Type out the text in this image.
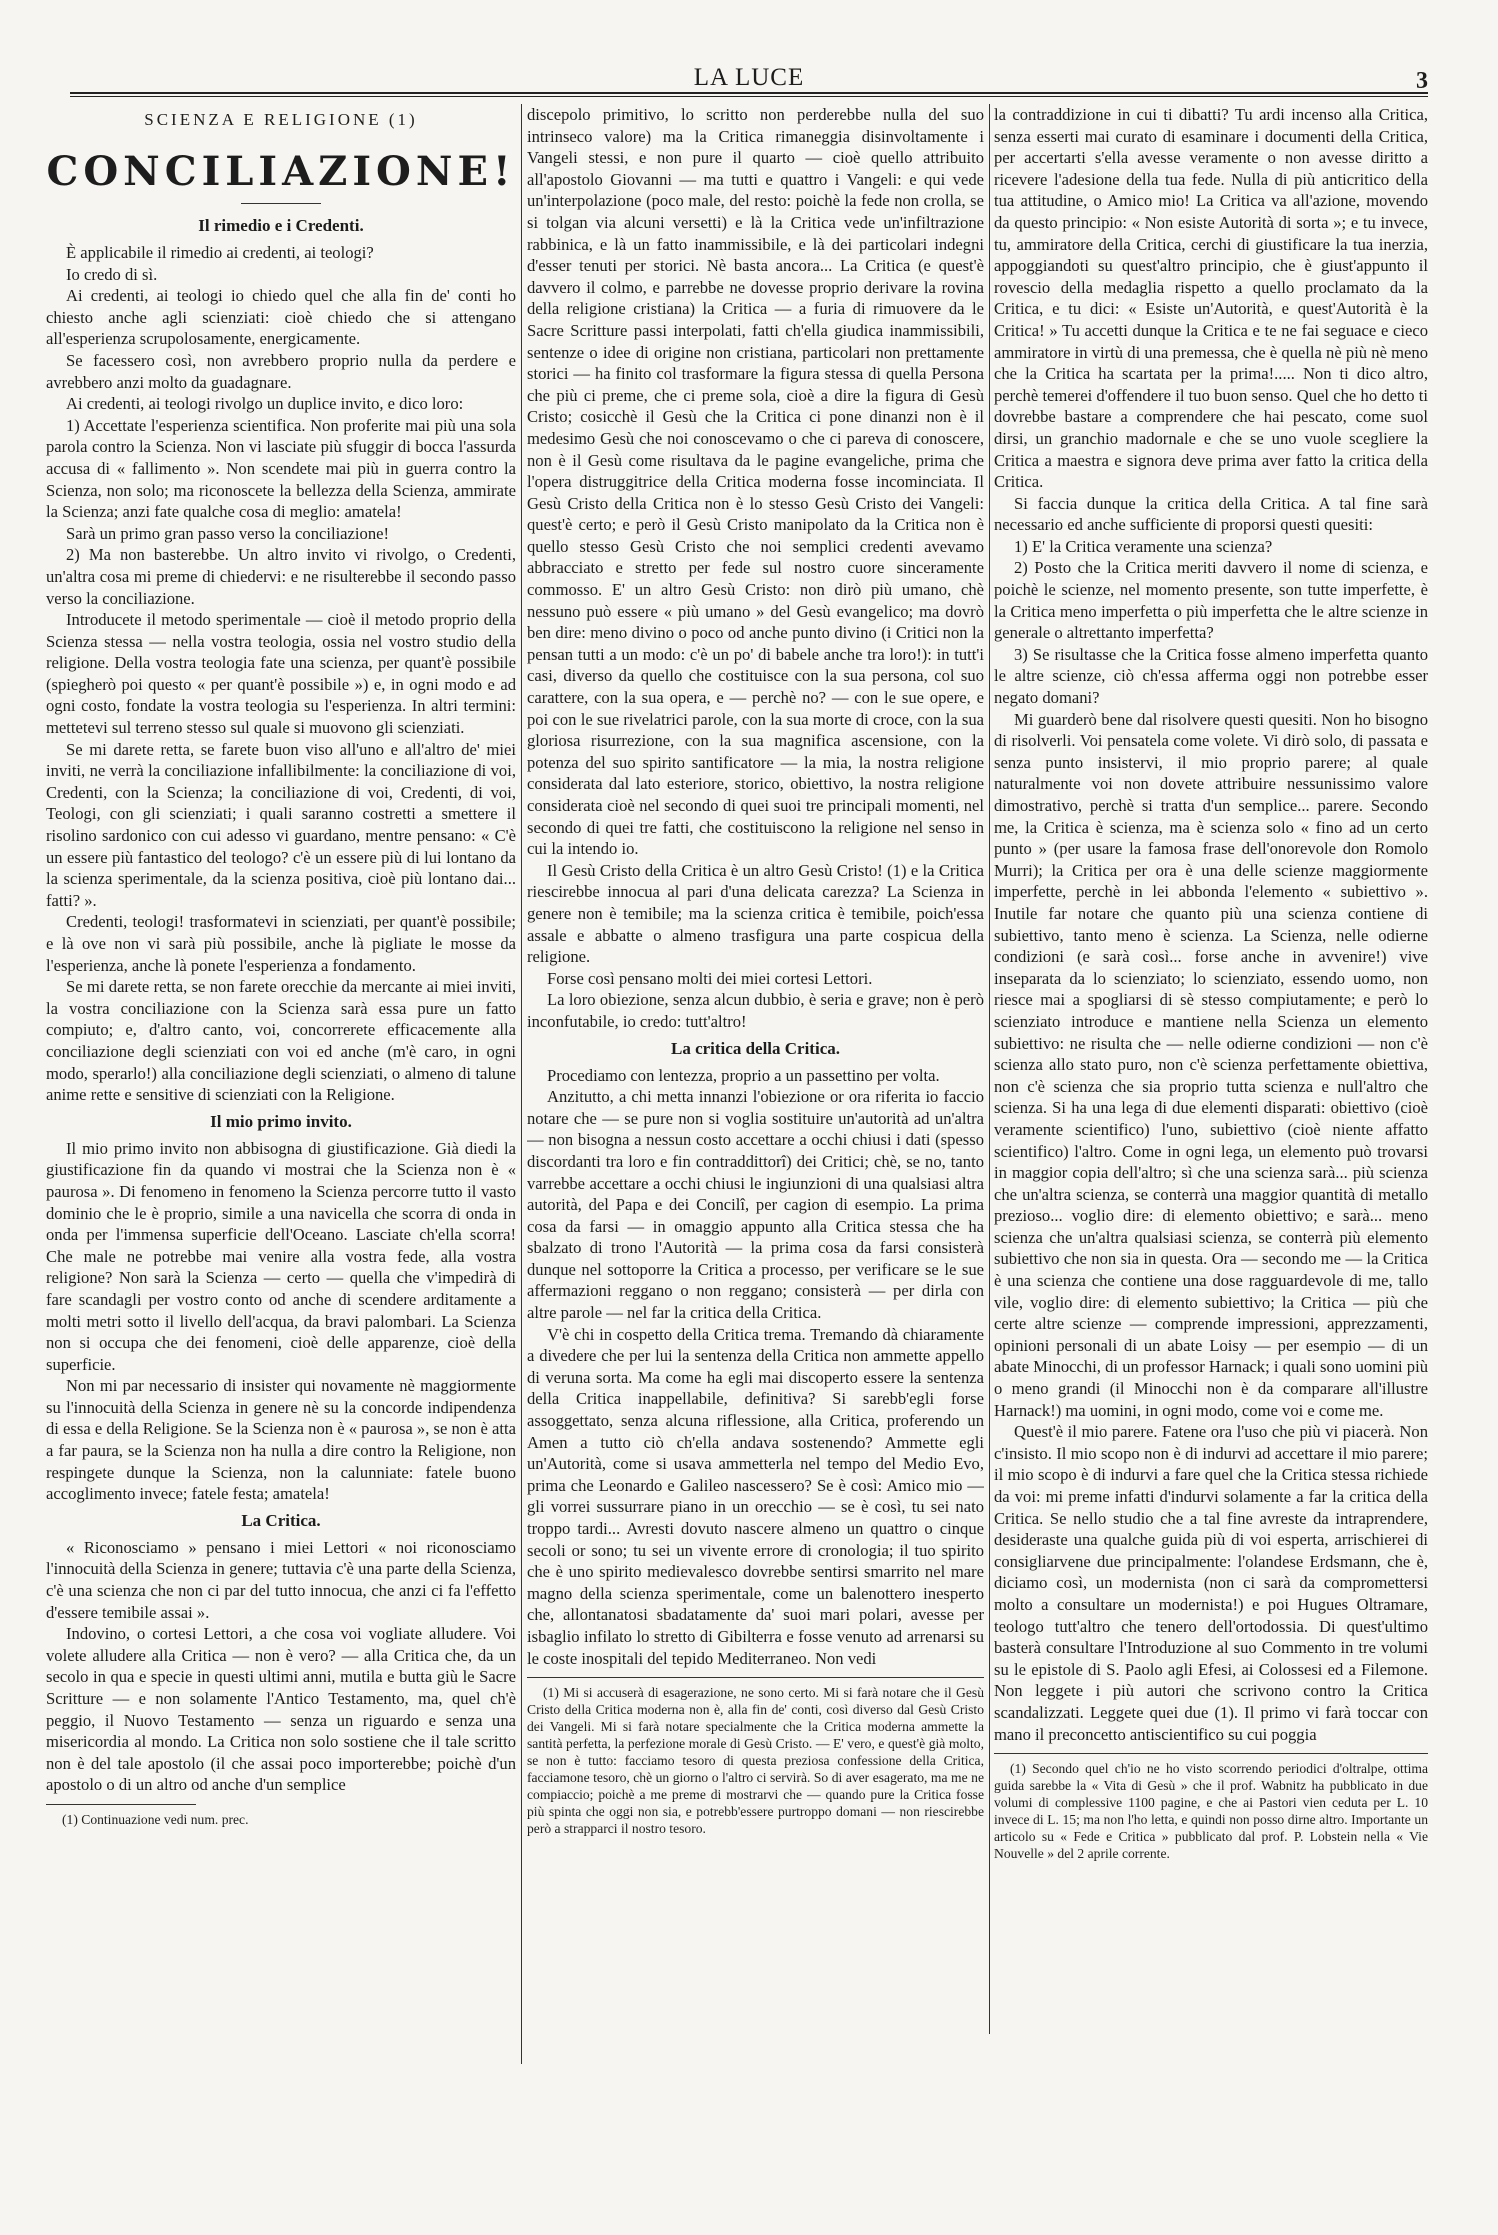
LA LUCE	3
SCIENZA E RELIGIONE (1)
CONCILIAZIONE!
Il rimedio e i Credenti.

È applicabile il rimedio ai credenti, ai teologi?

Io credo di sì.

Ai credenti, ai teologi io chiedo quel che alla fin de' conti ho chiesto anche agli scienziati: cioè chiedo che si attengano all'esperienza scrupolosamente, energicamente.

Se facessero così, non avrebbero proprio nulla da perdere e avrebbero anzi molto da guadagnare.

Ai credenti, ai teologi rivolgo un duplice invito, e dico loro:

1) Accettate l'esperienza scientifica. Non proferite mai più una sola parola contro la Scienza. Non vi lasciate più sfuggir di bocca l'assurda accusa di « fallimento ». Non scendete mai più in guerra contro la Scienza, non solo; ma riconoscete la bellezza della Scienza, ammirate la Scienza; anzi fate qualche cosa di meglio: amatela!

Sarà un primo gran passo verso la conciliazione!

2) Ma non basterebbe. Un altro invito vi rivolgo, o Credenti, un'altra cosa mi preme di chiedervi: e ne risulterebbe il secondo passo verso la conciliazione.

Introducete il metodo sperimentale — cioè il metodo proprio della Scienza stessa — nella vostra teologia, ossia nel vostro studio della religione. Della vostra teologia fate una scienza, per quant'è possibile (spiegherò poi questo « per quant'è possibile ») e, in ogni modo e ad ogni costo, fondate la vostra teologia su l'esperienza. In altri termini: mettetevi sul terreno stesso sul quale si muovono gli scienziati.

Se mi darete retta, se farete buon viso all'uno e all'altro de' miei inviti, ne verrà la conciliazione infallibilmente: la conciliazione di voi, Credenti, con la Scienza; la conciliazione di voi, Credenti, di voi, Teologi, con gli scienziati; i quali saranno costretti a smettere il risolino sardonico con cui adesso vi guardano, mentre pensano: « C'è un essere più fantastico del teologo? c'è un essere più di lui lontano da la scienza sperimentale, da la scienza positiva, cioè più lontano dai... fatti? ».

Credenti, teologi! trasformatevi in scienziati, per quant'è possibile; e là ove non vi sarà più possibile, anche là pigliate le mosse da l'esperienza, anche là ponete l'esperienza a fondamento.

Se mi darete retta, se non farete orecchie da mercante ai miei inviti, la vostra conciliazione con la Scienza sarà essa pure un fatto compiuto; e, d'altro canto, voi, concorrerete efficacemente alla conciliazione degli scienziati con voi ed anche (m'è caro, in ogni modo, sperarlo!) alla conciliazione degli scienziati, o almeno di talune anime rette e sensitive di scienziati con la Religione.

Il mio primo invito.

Il mio primo invito non abbisogna di giustificazione. Già diedi la giustificazione fin da quando vi mostrai che la Scienza non è « paurosa ». Di fenomeno in fenomeno la Scienza percorre tutto il vasto dominio che le è proprio, simile a una navicella che scorra di onda in onda per l'immensa superficie dell'Oceano. Lasciate ch'ella scorra! Che male ne potrebbe mai venire alla vostra fede, alla vostra religione? Non sarà la Scienza — certo — quella che v'impedirà di fare scandagli per vostro conto od anche di scendere arditamente a molti metri sotto il livello dell'acqua, da bravi palombari. La Scienza non si occupa che dei fenomeni, cioè delle apparenze, cioè della superficie.

Non mi par necessario di insister qui novamente nè maggiormente su l'innocuità della Scienza in genere nè su la concorde indipendenza di essa e della Religione. Se la Scienza non è « paurosa », se non è atta a far paura, se la Scienza non ha nulla a dire contro la Religione, non respingete dunque la Scienza, non la calunniate: fatele buono accoglimento invece; fatele festa; amatela!

La Critica.

« Riconosciamo » pensano i miei Lettori « noi riconosciamo l'innocuità della Scienza in genere; tuttavia c'è una parte della Scienza, c'è una scienza che non ci par del tutto innocua, che anzi ci fa l'effetto d'essere temibile assai ».

Indovino, o cortesi Lettori, a che cosa voi vogliate alludere. Voi volete alludere alla Critica — non è vero? — alla Critica che, da un secolo in qua e specie in questi ultimi anni, mutila e butta giù le Sacre Scritture — e non solamente l'Antico Testamento, ma, quel ch'è peggio, il Nuovo Testamento — senza un riguardo e senza una misericordia al mondo. La Critica non solo sostiene che il tale scritto non è del tale apostolo (il che assai poco importerebbe; poichè d'un apostolo o di un altro od anche d'un semplice

(1) Continuazione vedi num. prec.

discepolo primitivo, lo scritto non perderebbe nulla del suo intrinseco valore) ma la Critica rimaneggia disinvoltamente i Vangeli stessi, e non pure il quarto — cioè quello attribuito all'apostolo Giovanni — ma tutti e quattro i Vangeli: e qui vede un'interpolazione (poco male, del resto: poichè la fede non crolla, se si tolgan via alcuni versetti) e là la Critica vede un'infiltrazione rabbinica, e là un fatto inammissibile, e là dei particolari indegni d'esser tenuti per storici. Nè basta ancora... La Critica (e quest'è davvero il colmo, e parrebbe ne dovesse proprio derivare la rovina della religione cristiana) la Critica — a furia di rimuovere da le Sacre Scritture passi interpolati, fatti ch'ella giudica inammissibili, sentenze o idee di origine non cristiana, particolari non prettamente storici — ha finito col trasformare la figura stessa di quella Persona che più ci preme, che ci preme sola, cioè a dire la figura di Gesù Cristo; cosicchè il Gesù che la Critica ci pone dinanzi non è il medesimo Gesù che noi conoscevamo o che ci pareva di conoscere, non è il Gesù come risultava da le pagine evangeliche, prima che l'opera distruggitrice della Critica moderna fosse incominciata. Il Gesù Cristo della Critica non è lo stesso Gesù Cristo dei Vangeli: quest'è certo; e però il Gesù Cristo manipolato da la Critica non è quello stesso Gesù Cristo che noi semplici credenti avevamo abbracciato e stretto per fede sul nostro cuore sinceramente commosso. E' un altro Gesù Cristo: non dirò più umano, chè nessuno può essere « più umano » del Gesù evangelico; ma dovrò ben dire: meno divino o poco od anche punto divino (i Critici non la pensan tutti a un modo: c'è un po' di babele anche tra loro!): in tutt'i casi, diverso da quello che costituisce con la sua persona, col suo carattere, con la sua opera, e — perchè no? — con le sue opere, e poi con le sue rivelatrici parole, con la sua morte di croce, con la sua gloriosa risurrezione, con la sua magnifica ascensione, con la potenza del suo spirito santificatore — la mia, la nostra religione considerata dal lato esteriore, storico, obiettivo, la nostra religione considerata cioè nel secondo di quei suoi tre principali momenti, nel secondo di quei tre fatti, che costituiscono la religione nel senso in cui la intendo io.

Il Gesù Cristo della Critica è un altro Gesù Cristo! (1) e la Critica riescirebbe innocua al pari d'una delicata carezza? La Scienza in genere non è temibile; ma la scienza critica è temibile, poich'essa assale e abbatte o almeno trasfigura una parte cospicua della religione.

Forse così pensano molti dei miei cortesi Lettori.

La loro obiezione, senza alcun dubbio, è seria e grave; non è però inconfutabile, io credo: tutt'altro!

La critica della Critica.

Procediamo con lentezza, proprio a un passettino per volta.

Anzitutto, a chi metta innanzi l'obiezione or ora riferita io faccio notare che — se pure non si voglia sostituire un'autorità ad un'altra — non bisogna a nessun costo accettare a occhi chiusi i dati (spesso discordanti tra loro e fin contraddittorî) dei Critici; chè, se no, tanto varrebbe accettare a occhi chiusi le ingiunzioni di una qualsiasi altra autorità, del Papa e dei Concilî, per cagion di esempio. La prima cosa da farsi — in omaggio appunto alla Critica stessa che ha sbalzato di trono l'Autorità — la prima cosa da farsi consisterà dunque nel sottoporre la Critica a processo, per verificare se le sue affermazioni reggano o non reggano; consisterà — per dirla con altre parole — nel far la critica della Critica.

V'è chi in cospetto della Critica trema. Tremando dà chiaramente a divedere che per lui la sentenza della Critica non ammette appello di veruna sorta. Ma come ha egli mai discoperto essere la sentenza della Critica inappellabile, definitiva? Si sarebb'egli forse assoggettato, senza alcuna riflessione, alla Critica, proferendo un Amen a tutto ciò ch'ella andava sostenendo? Ammette egli un'Autorità, come si usava ammetterla nel tempo del Medio Evo, prima che Leonardo e Galileo nascessero? Se è così: Amico mio — gli vorrei sussurrare piano in un orecchio — se è così, tu sei nato troppo tardi... Avresti dovuto nascere almeno un quattro o cinque secoli or sono; tu sei un vivente errore di cronologia; il tuo spirito che è uno spirito medievalesco dovrebbe sentirsi smarrito nel mare magno della scienza sperimentale, come un balenottero inesperto che, allontanatosi sbadatamente da' suoi mari polari, avesse per isbaglio infilato lo stretto di Gibilterra e fosse venuto ad arrenarsi su le coste inospitali del tepido Mediterraneo. Non vedi

(1) Mi si accuserà di esagerazione, ne sono certo. Mi si farà notare che il Gesù Cristo della Critica moderna non è, alla fin de' conti, così diverso dal Gesù Cristo dei Vangeli. Mi si farà notare specialmente che la Critica moderna ammette la santità perfetta, la perfezione morale di Gesù Cristo. — E' vero, e quest'è già molto, se non è tutto: facciamo tesoro di questa preziosa confessione della Critica, facciamone tesoro, chè un giorno o l'altro ci servirà. So di aver esagerato, ma me ne compiaccio; poichè a me preme di mostrarvi che — quando pure la Critica fosse più spinta che oggi non sia, e potrebb'essere purtroppo domani — non riescirebbe però a strapparci il nostro tesoro.

la contraddizione in cui ti dibatti? Tu ardi incenso alla Critica, senza esserti mai curato di esaminare i documenti della Critica, per accertarti s'ella avesse veramente o non avesse diritto a ricevere l'adesione della tua fede. Nulla di più anticritico della tua attitudine, o Amico mio! La Critica va all'azione, movendo da questo principio: « Non esiste Autorità di sorta »; e tu invece, tu, ammiratore della Critica, cerchi di giustificare la tua inerzia, appoggiandoti su quest'altro principio, che è giust'appunto il rovescio della medaglia rispetto a quello proclamato da la Critica, e tu dici: « Esiste un'Autorità, e quest'Autorità è la Critica! » Tu accetti dunque la Critica e te ne fai seguace e cieco ammiratore in virtù di una premessa, che è quella nè più nè meno che la Critica ha scartata per la prima!..... Non ti dico altro, perchè temerei d'offendere il tuo buon senso. Quel che ho detto ti dovrebbe bastare a comprendere che hai pescato, come suol dirsi, un granchio madornale e che se uno vuole scegliere la Critica a maestra e signora deve prima aver fatto la critica della Critica.

Si faccia dunque la critica della Critica. A tal fine sarà necessario ed anche sufficiente di proporsi questi quesiti:

1) E' la Critica veramente una scienza?

2) Posto che la Critica meriti davvero il nome di scienza, e poichè le scienze, nel momento presente, son tutte imperfette, è la Critica meno imperfetta o più imperfetta che le altre scienze in generale o altrettanto imperfetta?

3) Se risultasse che la Critica fosse almeno imperfetta quanto le altre scienze, ciò ch'essa afferma oggi non potrebbe esser negato domani?

Mi guarderò bene dal risolvere questi quesiti. Non ho bisogno di risolverli. Voi pensatela come volete. Vi dirò solo, di passata e senza punto insistervi, il mio proprio parere; al quale naturalmente voi non dovete attribuire nessunissimo valore dimostrativo, perchè si tratta d'un semplice... parere. Secondo me, la Critica è scienza, ma è scienza solo « fino ad un certo punto » (per usare la famosa frase dell'onorevole don Romolo Murri); la Critica per ora è una delle scienze maggiormente imperfette, perchè in lei abbonda l'elemento « subiettivo ». Inutile far notare che quanto più una scienza contiene di subiettivo, tanto meno è scienza. La Scienza, nelle odierne condizioni (e sarà così... forse anche in avvenire!) vive inseparata da lo scienziato; lo scienziato, essendo uomo, non riesce mai a spogliarsi di sè stesso compiutamente; e però lo scienziato introduce e mantiene nella Scienza un elemento subiettivo: ne risulta che — nelle odierne condizioni — non c'è scienza allo stato puro, non c'è scienza perfettamente obiettiva, non c'è scienza che sia proprio tutta scienza e null'altro che scienza. Si ha una lega di due elementi disparati: obiettivo (cioè veramente scientifico) l'uno, subiettivo (cioè niente affatto scientifico) l'altro. Come in ogni lega, un elemento può trovarsi in maggior copia dell'altro; sì che una scienza sarà... più scienza che un'altra scienza, se conterrà una maggior quantità di metallo prezioso... voglio dire: di elemento obiettivo; e sarà... meno scienza che un'altra qualsiasi scienza, se conterrà più elemento subiettivo che non sia in questa. Ora — secondo me — la Critica è una scienza che contiene una dose ragguardevole di me, tallo vile, voglio dire: di elemento subiettivo; la Critica — più che certe altre scienze — comprende impressioni, apprezzamenti, opinioni personali di un abate Loisy — per esempio — di un abate Minocchi, di un professor Harnack; i quali sono uomini più o meno grandi (il Minocchi non è da comparare all'illustre Harnack!) ma uomini, in ogni modo, come voi e come me.

Quest'è il mio parere. Fatene ora l'uso che più vi piacerà. Non c'insisto. Il mio scopo non è di indurvi ad accettare il mio parere; il mio scopo è di indurvi a fare quel che la Critica stessa richiede da voi: mi preme infatti d'indurvi solamente a far la critica della Critica. Se nello studio che a tal fine avreste da intraprendere, desideraste una qualche guida più di voi esperta, arrischierei di consigliarvene due principalmente: l'olandese Erdsmann, che è, diciamo così, un modernista (non ci sarà da compromettersi molto a consultare un modernista!) e poi Hugues Oltramare, teologo tutt'altro che tenero dell'ortodossia. Di quest'ultimo basterà consultare l'Introduzione al suo Commento in tre volumi su le epistole di S. Paolo agli Efesi, ai Colossesi ed a Filemone. Non leggete i più autori che scrivono contro la Critica scandalizzati. Leggete quei due (1). Il primo vi farà toccar con mano il preconcetto antiscientifico su cui poggia

(1) Secondo quel ch'io ne ho visto scorrendo periodici d'oltralpe, ottima guida sarebbe la « Vita di Gesù » che il prof. Wabnitz ha pubblicato in due volumi di complessive 1100 pagine, e che ai Pastori vien ceduta per L. 10 invece di L. 15; ma non l'ho letta, e quindi non posso dirne altro. Importante un articolo su « Fede e Critica » pubblicato dal prof. P. Lobstein nella « Vie Nouvelle » del 2 aprile corrente.
